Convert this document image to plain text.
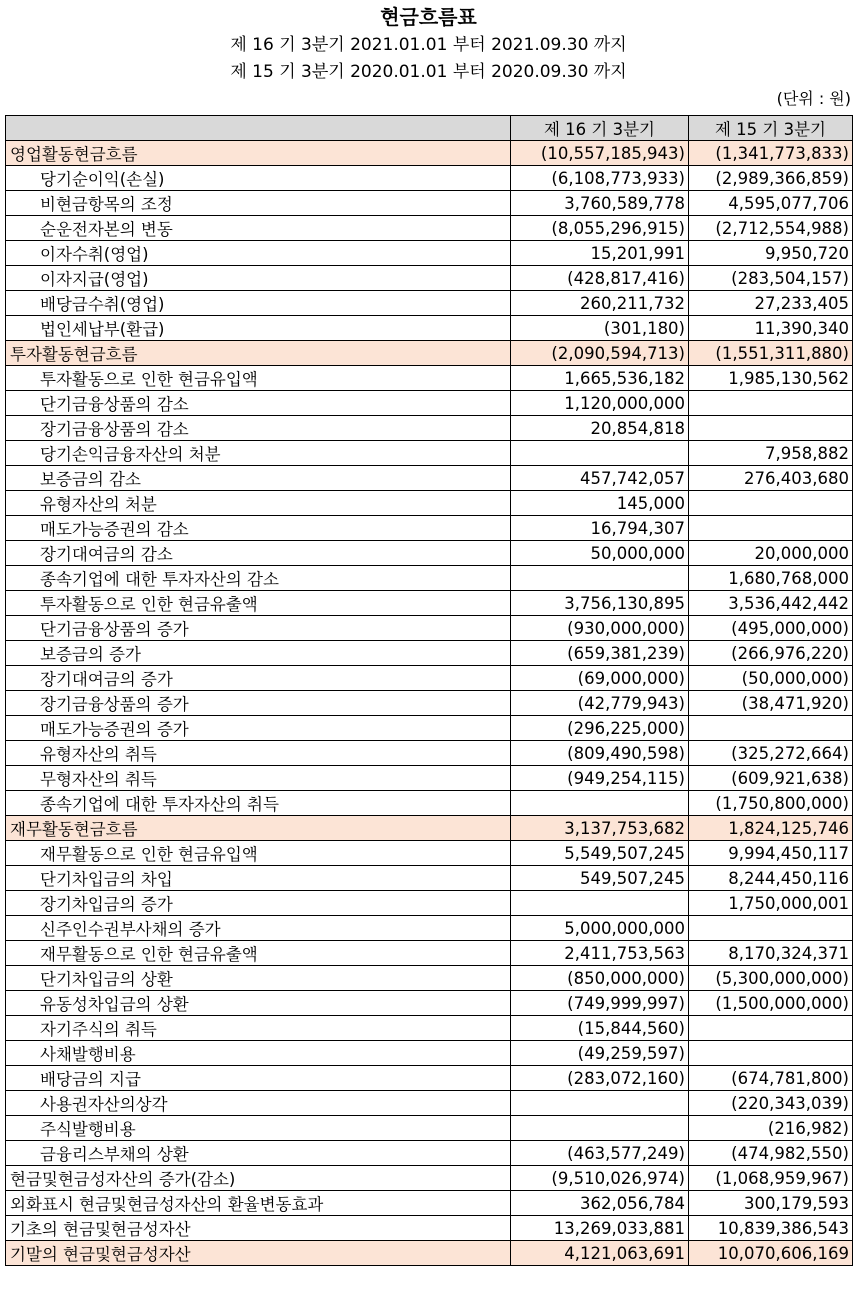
현금흐름표
제 16 기 3분기 2021.01.01 부터 2021.09.30 까지
제 15 기 3분기 2020.01.01 부터 2020.09.30 까지
(단위 : 원)
	제 16 기 3분기	제 15 기 3분기
영업활동현금흐름	(10,557,185,943)	(1,341,773,833)
당기순이익(손실)	(6,108,773,933)	(2,989,366,859)
비현금항목의 조정	3,760,589,778	4,595,077,706
순운전자본의 변동	(8,055,296,915)	(2,712,554,988)
이자수취(영업)	15,201,991	9,950,720
이자지급(영업)	(428,817,416)	(283,504,157)
배당금수취(영업)	260,211,732	27,233,405
법인세납부(환급)	(301,180)	11,390,340
투자활동현금흐름	(2,090,594,713)	(1,551,311,880)
투자활동으로 인한 현금유입액	1,665,536,182	1,985,130,562
단기금융상품의 감소	1,120,000,000	
장기금융상품의 감소	20,854,818	
당기손익금융자산의 처분		7,958,882
보증금의 감소	457,742,057	276,403,680
유형자산의 처분	145,000	
매도가능증권의 감소	16,794,307	
장기대여금의 감소	50,000,000	20,000,000
종속기업에 대한 투자자산의 감소		1,680,768,000
투자활동으로 인한 현금유출액	3,756,130,895	3,536,442,442
단기금융상품의 증가	(930,000,000)	(495,000,000)
보증금의 증가	(659,381,239)	(266,976,220)
장기대여금의 증가	(69,000,000)	(50,000,000)
장기금융상품의 증가	(42,779,943)	(38,471,920)
매도가능증권의 증가	(296,225,000)	
유형자산의 취득	(809,490,598)	(325,272,664)
무형자산의 취득	(949,254,115)	(609,921,638)
종속기업에 대한 투자자산의 취득		(1,750,800,000)
재무활동현금흐름	3,137,753,682	1,824,125,746
재무활동으로 인한 현금유입액	5,549,507,245	9,994,450,117
단기차입금의 차입	549,507,245	8,244,450,116
장기차입금의 증가		1,750,000,001
신주인수권부사채의 증가	5,000,000,000	
재무활동으로 인한 현금유출액	2,411,753,563	8,170,324,371
단기차입금의 상환	(850,000,000)	(5,300,000,000)
유동성차입금의 상환	(749,999,997)	(1,500,000,000)
자기주식의 취득	(15,844,560)	
사채발행비용	(49,259,597)	
배당금의 지급	(283,072,160)	(674,781,800)
사용권자산의상각		(220,343,039)
주식발행비용		(216,982)
금융리스부채의 상환	(463,577,249)	(474,982,550)
현금및현금성자산의 증가(감소)	(9,510,026,974)	(1,068,959,967)
외화표시 현금및현금성자산의 환율변동효과	362,056,784	300,179,593
기초의 현금및현금성자산	13,269,033,881	10,839,386,543
기말의 현금및현금성자산	4,121,063,691	10,070,606,169
